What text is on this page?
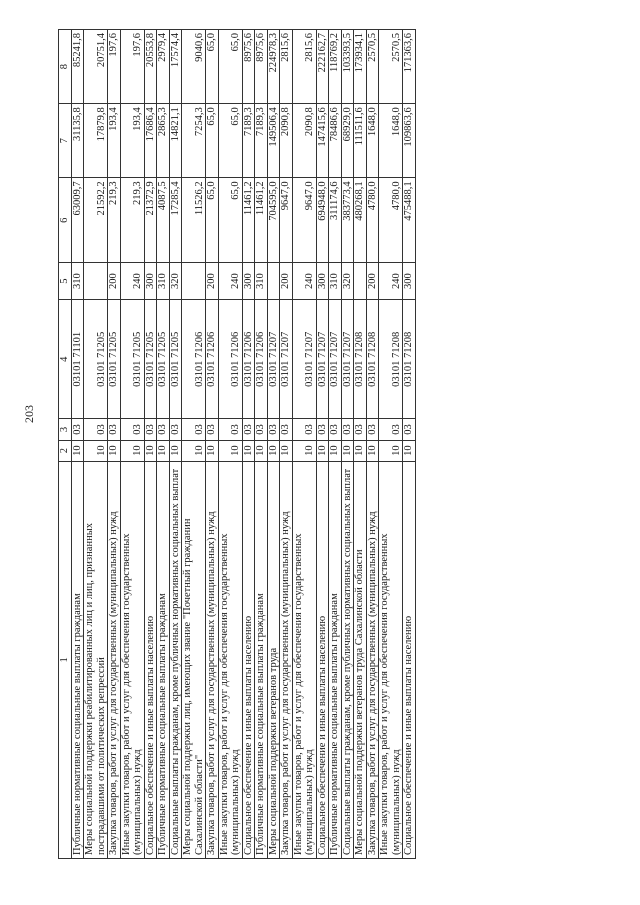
203
1	2	3	4	5	6	7	8
Публичные нормативные социальные выплаты гражданам	10	03	03101 71101	310	63009,7	31135,8	85241,8
Меры социальной поддержки реабилитированных лиц и лиц, признанных пострадавшими от политических репрессий	10	03	03101 71205		21592,2	17879,8	20751,4
Закупка товаров, работ и услуг для государственных (муниципальных) нужд	10	03	03101 71205	200	219,3	193,4	197,6
Иные закупки товаров, работ и услуг для обеспечения государственных (муниципальных) нужд	10	03	03101 71205	240	219,3	193,4	197,6
Социальное обеспечение и иные выплаты населению	10	03	03101 71205	300	21372,9	17686,4	20553,8
Публичные нормативные социальные выплаты гражданам	10	03	03101 71205	310	4087,5	2865,3	2979,4
Социальные выплаты гражданам, кроме публичных нормативных социальных выплат	10	03	03101 71205	320	17285,4	14821,1	17574,4
Меры социальной поддержки лиц, имеющих звание "Почетный гражданин Сахалинской области"	10	03	03101 71206		11526,2	7254,3	9040,6
Закупка товаров, работ и услуг для государственных (муниципальных) нужд	10	03	03101 71206	200	65,0	65,0	65,0
Иные закупки товаров, работ и услуг для обеспечения государственных (муниципальных) нужд	10	03	03101 71206	240	65,0	65,0	65,0
Социальное обеспечение и иные выплаты населению	10	03	03101 71206	300	11461,2	7189,3	8975,6
Публичные нормативные социальные выплаты гражданам	10	03	03101 71206	310	11461,2	7189,3	8975,6
Меры социальной поддержки ветеранов труда	10	03	03101 71207		704595,0	149506,4	224978,3
Закупка товаров, работ и услуг для государственных (муниципальных) нужд	10	03	03101 71207	200	9647,0	2090,8	2815,6
Иные закупки товаров, работ и услуг для обеспечения государственных (муниципальных) нужд	10	03	03101 71207	240	9647,0	2090,8	2815,6
Социальное обеспечение и иные выплаты населению	10	03	03101 71207	300	694948,0	147415,6	222162,7
Публичные нормативные социальные выплаты гражданам	10	03	03101 71207	310	311174,6	78486,6	118769,2
Социальные выплаты гражданам, кроме публичных нормативных социальных выплат	10	03	03101 71207	320	383773,4	68929,0	103393,5
Меры социальной поддержки ветеранов труда Сахалинской области	10	03	03101 71208		480268,1	111511,6	173934,1
Закупка товаров, работ и услуг для государственных (муниципальных) нужд	10	03	03101 71208	200	4780,0	1648,0	2570,5
Иные закупки товаров, работ и услуг для обеспечения государственных (муниципальных) нужд	10	03	03101 71208	240	4780,0	1648,0	2570,5
Социальное обеспечение и иные выплаты населению	10	03	03101 71208	300	475488,1	109863,6	171363,6
